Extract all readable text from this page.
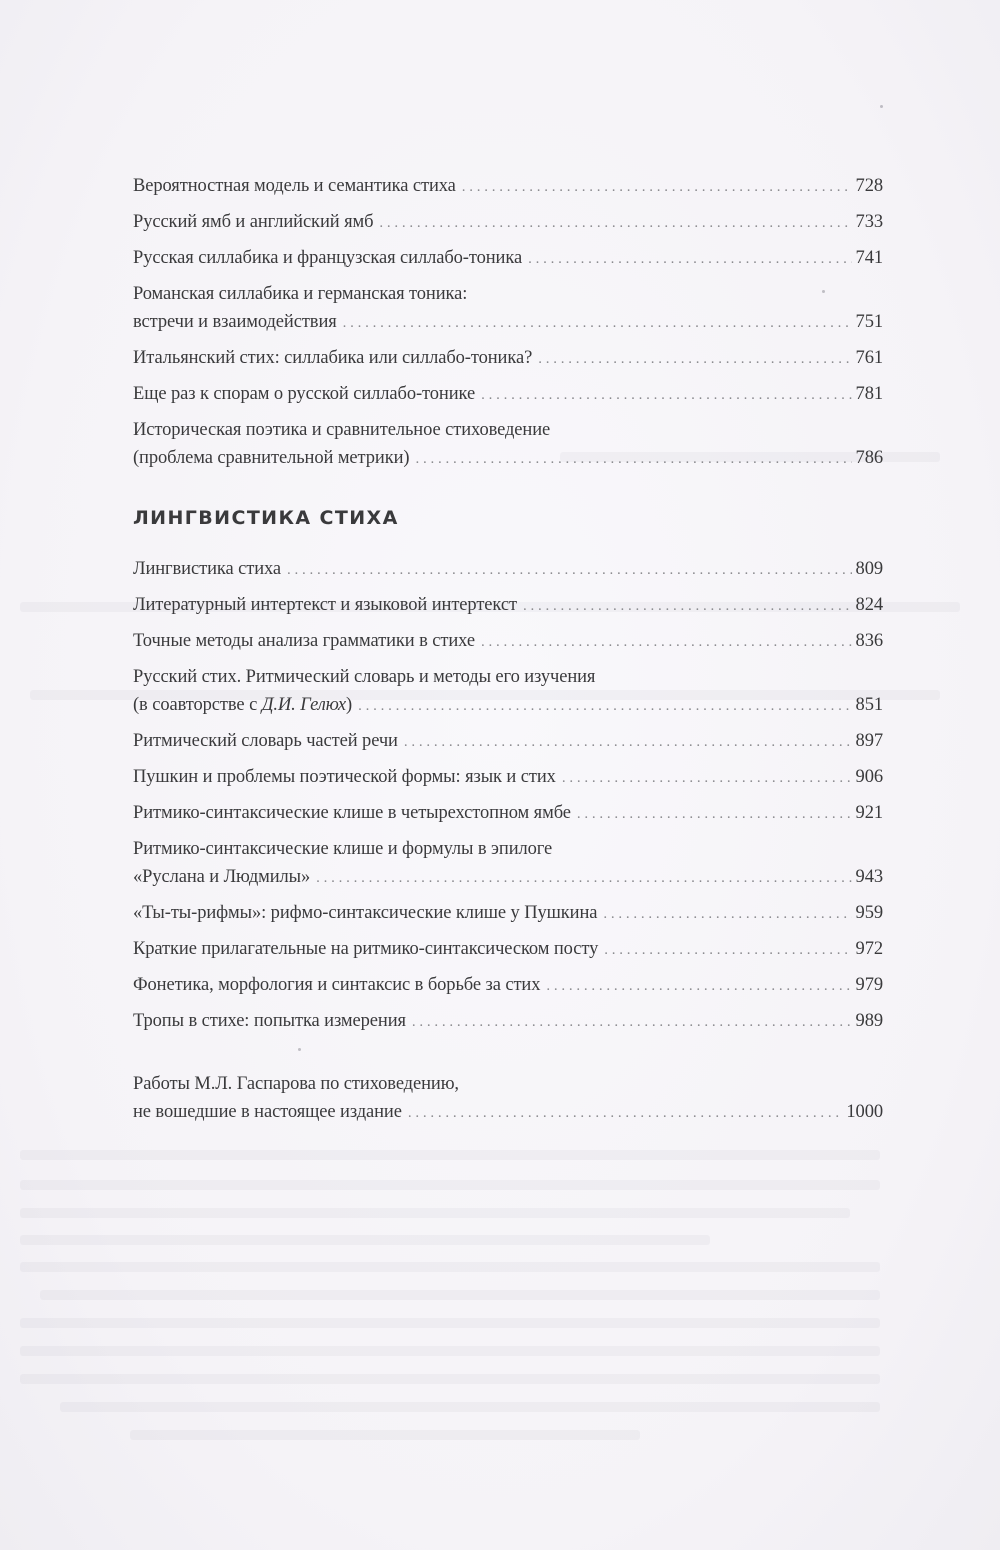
Вероятностная модель и семантика стиха . . .	728
Русский ямб и английский ямб . . .	733
Русская силлабика и французская силлабо-тоника . . .	741
Романская силлабика и германская тоника:
встречи и взаимодействия . . .	751
Итальянский стих: силлабика или силлабо-тоника? . . .	761
Еще раз к спорам о русской силлабо-тонике . . .	781
Историческая поэтика и сравнительное стиховедение
(проблема сравнительной метрики) . . .	786
ЛИНГВИСТИКА СТИХА
Лингвистика стиха . . .	809
Литературный интертекст и языковой интертекст . . .	824
Точные методы анализа грамматики в стихе . . .	836
Русский стих. Ритмический словарь и методы его изучения
(в соавторстве с Д.И. Гелюх) . . .	851
Ритмический словарь частей речи . . .	897
Пушкин и проблемы поэтической формы: язык и стих . . .	906
Ритмико-синтаксические клише в четырехстопном ямбе . . .	921
Ритмико-синтаксические клише и формулы в эпилоге
«Руслана и Людмилы» . . .	943
«Ты-ты-рифмы»: рифмо-синтаксические клише у Пушкина . . .	959
Краткие прилагательные на ритмико-синтаксическом посту . . .	972
Фонетика, морфология и синтаксис в борьбе за стих . . .	979
Тропы в стихе: попытка измерения . . .	989
Работы М.Л. Гаспарова по стиховедению,
не вошедшие в настоящее издание . . .	1000
